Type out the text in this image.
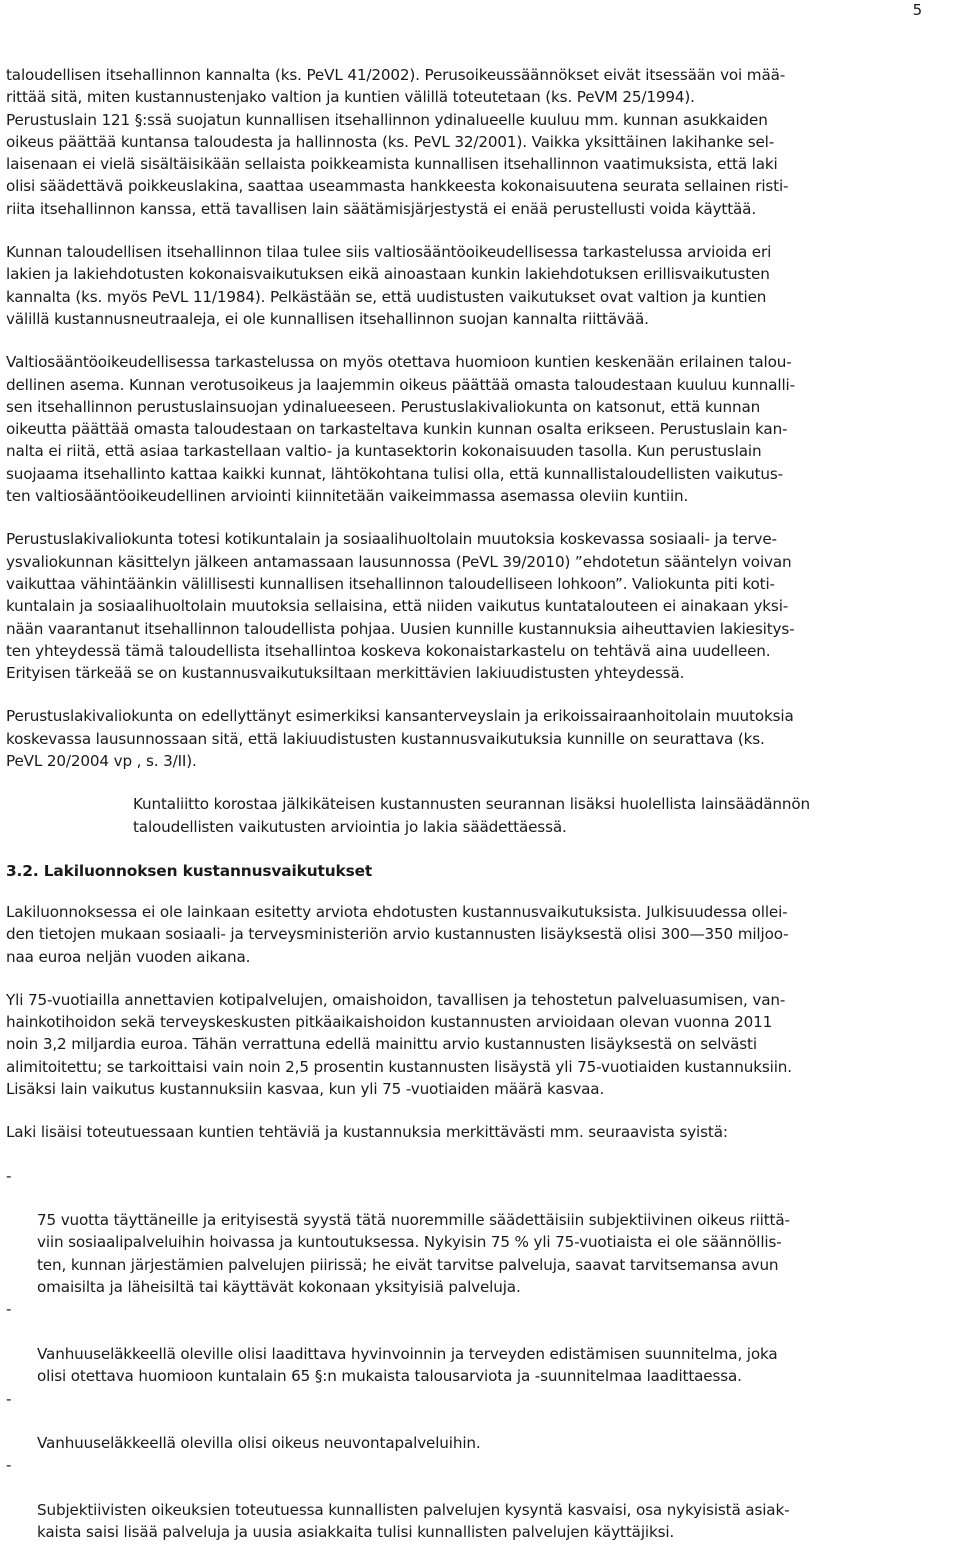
5

taloudellisen itsehallinnon kannalta (ks. PeVL 41/2002). Perusoikeussäännökset eivät itsessään voi mää-
rittää sitä, miten kustannustenjako valtion ja kuntien välillä toteutetaan (ks. PeVM 25/1994).
Perustuslain 121 §:ssä suojatun kunnallisen itsehallinnon ydinalueelle kuuluu mm. kunnan asukkaiden
oikeus päättää kuntansa taloudesta ja hallinnosta (ks. PeVL 32/2001). Vaikka yksittäinen lakihanke sel-
laisenaan ei vielä sisältäisikään sellaista poikkeamista kunnallisen itsehallinnon vaatimuksista, että laki
olisi säädettävä poikkeuslakina, saattaa useammasta hankkeesta kokonaisuutena seurata sellainen risti-
riita itsehallinnon kanssa, että tavallisen lain säätämisjärjestystä ei enää perustellusti voida käyttää.

Kunnan taloudellisen itsehallinnon tilaa tulee siis valtiosääntöoikeudellisessa tarkastelussa arvioida eri
lakien ja lakiehdotusten kokonaisvaikutuksen eikä ainoastaan kunkin lakiehdotuksen erillisvaikutusten
kannalta (ks. myös PeVL 11/1984). Pelkästään se, että uudistusten vaikutukset ovat valtion ja kuntien
välillä kustannusneutraaleja, ei ole kunnallisen itsehallinnon suojan kannalta riittävää.

Valtiosääntöoikeudellisessa tarkastelussa on myös otettava huomioon kuntien keskenään erilainen talou-
dellinen asema. Kunnan verotusoikeus ja laajemmin oikeus päättää omasta taloudestaan kuuluu kunnalli-
sen itsehallinnon perustuslainsuojan ydinalueeseen. Perustuslakivaliokunta on katsonut, että kunnan
oikeutta päättää omasta taloudestaan on tarkasteltava kunkin kunnan osalta erikseen. Perustuslain kan-
nalta ei riitä, että asiaa tarkastellaan valtio- ja kuntasektorin kokonaisuuden tasolla. Kun perustuslain
suojaama itsehallinto kattaa kaikki kunnat, lähtökohtana tulisi olla, että kunnallistaloudellisten vaikutus-
ten valtiosääntöoikeudellinen arviointi kiinnitetään vaikeimmassa asemassa oleviin kuntiin.

Perustuslakivaliokunta totesi kotikuntalain ja sosiaalihuoltolain muutoksia koskevassa sosiaali- ja terve-
ysvaliokunnan käsittelyn jälkeen antamassaan lausunnossa (PeVL 39/2010) ”ehdotetun sääntelyn voivan
vaikuttaa vähintäänkin välillisesti kunnallisen itsehallinnon taloudelliseen lohkoon”. Valiokunta piti koti-
kuntalain ja sosiaalihuoltolain muutoksia sellaisina, että niiden vaikutus kuntatalouteen ei ainakaan yksi-
nään vaarantanut itsehallinnon taloudellista pohjaa. Uusien kunnille kustannuksia aiheuttavien lakiesitys-
ten yhteydessä tämä taloudellista itsehallintoa koskeva kokonaistarkastelu on tehtävä aina uudelleen.
Erityisen tärkeää se on kustannusvaikutuksiltaan merkittävien lakiuudistusten yhteydessä.

Perustuslakivaliokunta on edellyttänyt esimerkiksi kansanterveyslain ja erikoissairaanhoitolain muutoksia
koskevassa lausunnossaan sitä, että lakiuudistusten kustannusvaikutuksia kunnille on seurattava (ks.
PeVL 20/2004 vp , s. 3/II).

Kuntaliitto korostaa jälkikäteisen kustannusten seurannan lisäksi huolellista lainsäädännön
taloudellisten vaikutusten arviointia jo lakia säädettäessä.

3.2. Lakiluonnoksen kustannusvaikutukset

Lakiluonnoksessa ei ole lainkaan esitetty arviota ehdotusten kustannusvaikutuksista. Julkisuudessa ollei-
den tietojen mukaan sosiaali- ja terveysministeriön arvio kustannusten lisäyksestä olisi 300—350 miljoo-
naa euroa neljän vuoden aikana.

Yli 75-vuotiailla annettavien kotipalvelujen, omaishoidon, tavallisen ja tehostetun palveluasumisen, van-
hainkotihoidon sekä terveyskeskusten pitkäaikaishoidon kustannusten arvioidaan olevan vuonna 2011
noin 3,2 miljardia euroa. Tähän verrattuna edellä mainittu arvio kustannusten lisäyksestä on selvästi
alimitoitettu; se tarkoittaisi vain noin 2,5 prosentin kustannusten lisäystä yli 75-vuotiaiden kustannuksiin.
Lisäksi lain vaikutus kustannuksiin kasvaa, kun yli 75 -vuotiaiden määrä kasvaa.

Laki lisäisi toteutuessaan kuntien tehtäviä ja kustannuksia merkittävästi mm. seuraavista syistä:

-

75 vuotta täyttäneille ja erityisestä syystä tätä nuoremmille säädettäisiin subjektiivinen oikeus riittä-
viin sosiaalipalveluihin hoivassa ja kuntoutuksessa. Nykyisin 75 % yli 75-vuotiaista ei ole säännöllis-
ten, kunnan järjestämien palvelujen piirissä; he eivät tarvitse palveluja, saavat tarvitsemansa avun
omaisilta ja läheisiltä tai käyttävät kokonaan yksityisiä palveluja.

-

Vanhuuseläkkeellä oleville olisi laadittava hyvinvoinnin ja terveyden edistämisen suunnitelma, joka
olisi otettava huomioon kuntalain 65 §:n mukaista talousarviota ja -suunnitelmaa laadittaessa.

-

Vanhuuseläkkeellä olevilla olisi oikeus neuvontapalveluihin.

-

Subjektiivisten oikeuksien toteutuessa kunnallisten palvelujen kysyntä kasvaisi, osa nykyisistä asiak-
kaista saisi lisää palveluja ja uusia asiakkaita tulisi kunnallisten palvelujen käyttäjiksi.
